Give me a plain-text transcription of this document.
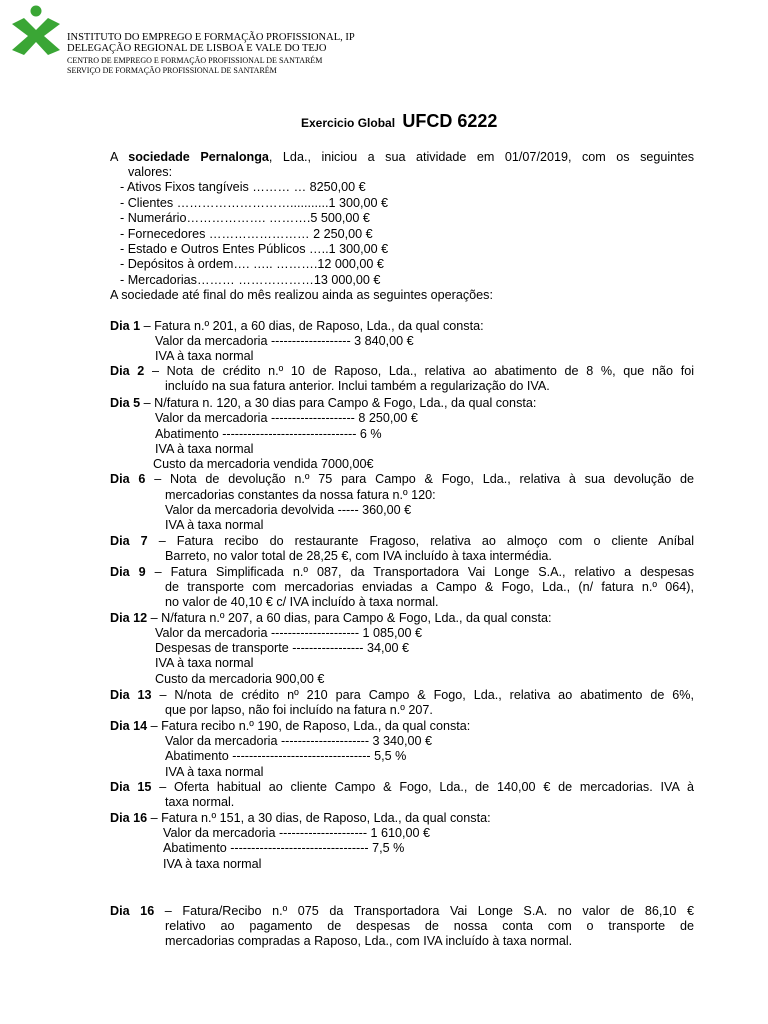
INSTITUTO DO EMPREGO E FORMAÇÃO PROFISSIONAL, IP
DELEGAÇÃO REGIONAL DE LISBOA E VALE DO TEJO
CENTRO DE EMPREGO E FORMAÇÃO PROFISSIONAL DE SANTARÉM
SERVIÇO DE FORMAÇÃO PROFISSIONAL DE SANTARÉM
Exercicio Global UFCD 6222
A sociedade Pernalonga, Lda., iniciou a sua atividade em 01/07/2019, com os seguintes
valores:
- Ativos Fixos tangíveis ……… … 8250,00 €
- Clientes ………………………...........1 300,00 €
- Numerário………………. ……….5 500,00 €
- Fornecedores …………………… 2 250,00 €
- Estado e Outros Entes Públicos …..1 300,00 €
- Depósitos à ordem…. ….. ……….12 000,00 €
- Mercadorias……… ………………13 000,00 €
A sociedade até final do mês realizou ainda as seguintes operações:
Dia 1 – Fatura n.º 201, a 60 dias, de Raposo, Lda., da qual consta:
Valor da mercadoria ------------------- 3 840,00 €
IVA à taxa normal
Dia 2 – Nota de crédito n.º 10 de Raposo, Lda., relativa ao abatimento de 8 %, que não foi
incluído na sua fatura anterior. Inclui também a regularização do IVA.
Dia 5 – N/fatura n. 120, a 30 dias para Campo & Fogo, Lda., da qual consta:
Valor da mercadoria -------------------- 8 250,00 €
Abatimento -------------------------------- 6 %
IVA à taxa normal
Custo da mercadoria vendida 7000,00€
Dia 6 – Nota de devolução n.º 75 para Campo & Fogo, Lda., relativa à sua devolução de
mercadorias constantes da nossa fatura n.º 120:
Valor da mercadoria devolvida ----- 360,00 €
IVA à taxa normal
Dia 7 – Fatura recibo do restaurante Fragoso, relativa ao almoço com o cliente Aníbal
Barreto, no valor total de 28,25 €, com IVA incluído à taxa intermédia.
Dia 9 – Fatura Simplificada n.º 087, da Transportadora Vai Longe S.A., relativo a despesas
de transporte com mercadorias enviadas a Campo & Fogo, Lda., (n/ fatura n.º 064),
no valor de 40,10 € c/ IVA incluído à taxa normal.
Dia 12 – N/fatura n.º 207, a 60 dias, para Campo & Fogo, Lda., da qual consta:
Valor da mercadoria --------------------- 1 085,00 €
Despesas de transporte ----------------- 34,00 €
IVA à taxa normal
Custo da mercadoria 900,00 €
Dia 13 – N/nota de crédito nº 210 para Campo & Fogo, Lda., relativa ao abatimento de 6%,
que por lapso, não foi incluído na fatura n.º 207.
Dia 14 – Fatura recibo n.º 190, de Raposo, Lda., da qual consta:
Valor da mercadoria --------------------- 3 340,00 €
Abatimento --------------------------------- 5,5 %
IVA à taxa normal
Dia 15 – Oferta habitual ao cliente Campo & Fogo, Lda., de 140,00 € de mercadorias. IVA à
taxa normal.
Dia 16 – Fatura n.º 151, a 30 dias, de Raposo, Lda., da qual consta:
Valor da mercadoria --------------------- 1 610,00 €
Abatimento --------------------------------- 7,5 %
IVA à taxa normal
Dia 16 – Fatura/Recibo n.º 075 da Transportadora Vai Longe S.A. no valor de 86,10 €
relativo ao pagamento de despesas de nossa conta com o transporte de
mercadorias compradas a Raposo, Lda., com IVA incluído à taxa normal.
